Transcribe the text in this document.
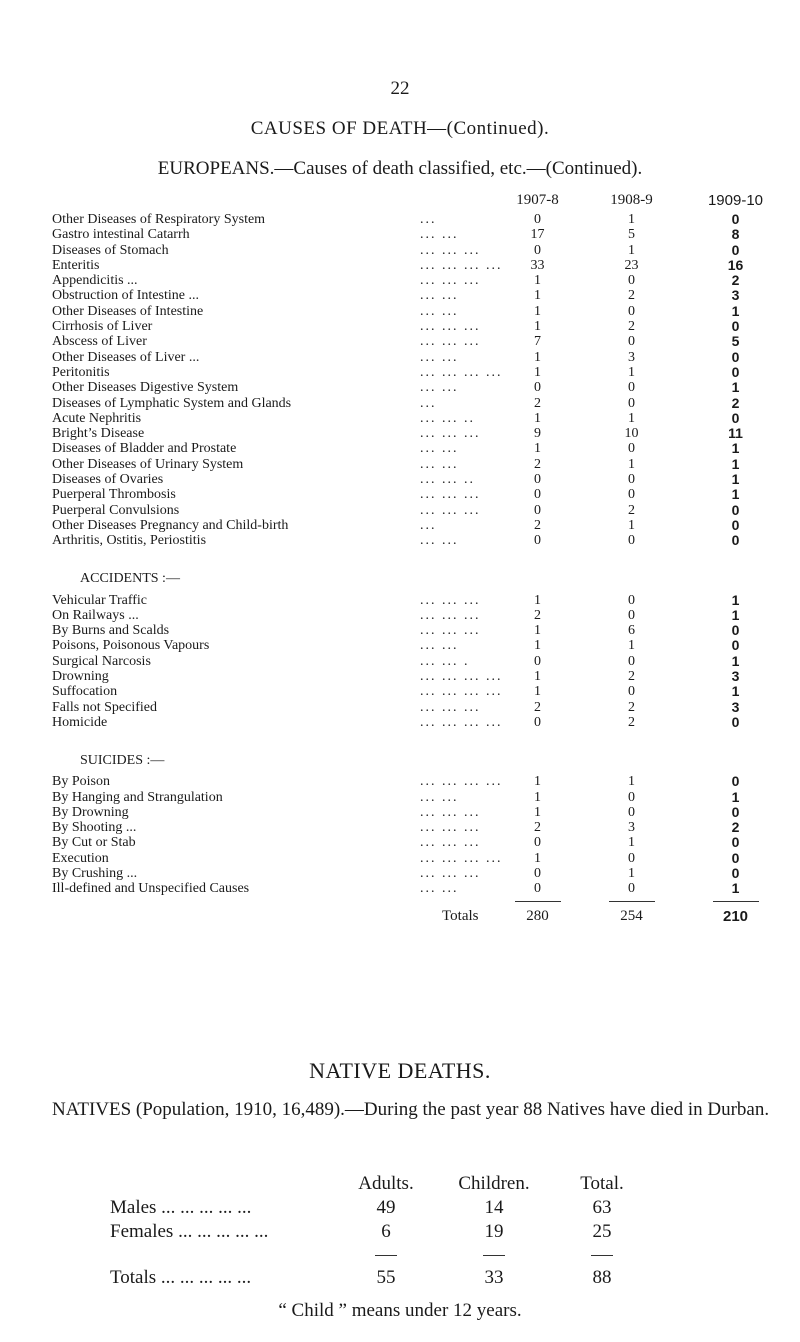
22
CAUSES OF DEATH—(Continued).
EUROPEANS.—Causes of death classified, etc.—(Continued).
		1907-8	1908-9	1909-10
Other Diseases of Respiratory System	...	0	1	0
Gastro intestinal Catarrh	... ...	17	5	8
Diseases of Stomach	... ... ...	0	1	0
Enteritis	... ... ... ...	33	23	16
Appendicitis ...	... ... ...	1	0	2
Obstruction of Intestine ...	... ...	1	2	3
Other Diseases of Intestine	... ...	1	0	1
Cirrhosis of Liver	... ... ...	1	2	0
Abscess of Liver	... ... ...	7	0	5
Other Diseases of Liver ...	... ...	1	3	0
Peritonitis	... ... ... ...	1	1	0
Other Diseases Digestive System	... ...	0	0	1
Diseases of Lymphatic System and Glands	...	2	0	2
Acute Nephritis	... ... ..	1	1	0
Bright’s Disease	... ... ...	9	10	11
Diseases of Bladder and Prostate	... ...	1	0	1
Other Diseases of Urinary System	... ...	2	1	1
Diseases of Ovaries	... ... ..	0	0	1
Puerperal Thrombosis	... ... ...	0	0	1
Puerperal Convulsions	... ... ...	0	2	0
Other Diseases Pregnancy and Child-birth	...	2	1	0
Arthritis, Ostitis, Periostitis	... ...	0	0	0
ACCIDENTS :—				

Vehicular Traffic	... ... ...	1	0	1
On Railways ...	... ... ...	2	0	1
By Burns and Scalds	... ... ...	1	6	0
Poisons, Poisonous Vapours	... ...	1	1	0
Surgical Narcosis	... ... .	0	0	1
Drowning	... ... ... ...	1	2	3
Suffocation	... ... ... ...	1	0	1
Falls not Specified	... ... ...	2	2	3
Homicide	... ... ... ...	0	2	0
SUICIDES :—				

By Poison	... ... ... ...	1	1	0
By Hanging and Strangulation	... ...	1	0	1
By Drowning	... ... ...	1	0	0
By Shooting ...	... ... ...	2	3	2
By Cut or Stab	... ... ...	0	1	0
Execution	... ... ... ...	1	0	0
By Crushing ...	... ... ...	0	1	0
Ill-defined and Unspecified Causes	... ...	0	0	1

Totals		280	254	210
NATIVE DEATHS.
NATIVES (Population, 1910, 16,489).—During the past year 88 Natives have died in Durban.
	Adults.	Children.	Total.
Males ... ... ... ... ...	49	14	63
Females ... ... ... ... ...	6	19	25

Totals ... ... ... ... ...	55	33	88
“ Child ” means under 12 years.
